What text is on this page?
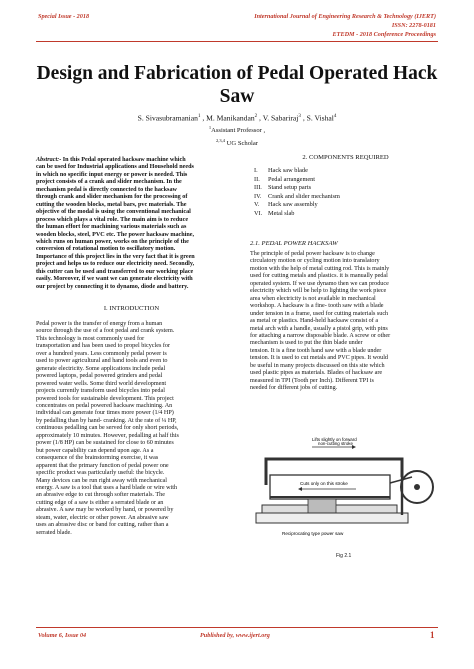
Special Issue - 2018	International Journal of Engineering Research & Technology (IJERT)
ISSN: 2278-0181
ETEDM - 2018 Conference Proceedings
Design and Fabrication of Pedal Operated Hack
Saw
S. Sivasubramanian$^1$ , M. Manikandan$^2$ , V. Sabariraj$^3$ , S. Vishal$^4$
$^1$Assistant Professor ,
$^{2,3,4}$ UG Scholar
Abstract:- In this Pedal operated hacksaw machine which
can be used for Industrial applications and Household needs
in which no specific input energy or power is needed. This
project consists of a crank and slider mechanism. In the
mechanism pedal is directly connected to the hacksaw
through crank and slider mechanism for the processing of
cutting the wooden blocks, metal bars, pvc materials. The
objective of the modal is using the conventional mechanical
process which plays a vital role. The main aim is to reduce
the human effort for machining various materials such as
wooden blocks, steel, PVC etc. The power hacksaw machine,
which runs on human power, works on the principle of the
conversion of rotational motion to oscillatory motion.
Importance of this project lies in the very fact that it is green
project and helps us to reduce our electricity need. Secondly,
this cutter can be used and transferred to our working place
easily. Moreover, if we want we can generate electricity with
our project by connecting it to dynamo, diode and battery.
I. INTRODUCTION
Pedal power is the transfer of energy from a human
source through the use of a foot pedal and crank system.
This technology is most commonly used for
transportation and has been used to propel bicycles for
over a hundred years. Less commonly pedal power is
used to power agricultural and hand tools and even to
generate electricity. Some applications include pedal
powered laptops, pedal powered grinders and pedal
powered water wells. Some third world development
projects currently transform used bicycles into pedal
powered tools for sustainable development. This project
concentrates on pedal powered hacksaw machining. An
individual can generate four times more power (1/4 HP)
by pedalling than by hand- cranking. At the rate of ¼ HP,
continuous pedalling can be served for only short periods,
approximately 10 minutes. However, pedalling at half this
power (1/8 HP) can be sustained for close to 60 minutes
but power capability can depend upon age. As a
consequence of the brainstorming exercise, it was
apparent that the primary function of pedal power one
specific product was particularly useful: the bicycle.
Many devices can be run right away with mechanical
energy. A saw is a tool that uses a hard blade or wire with
an abrasive edge to cut through softer materials. The
cutting edge of a saw is either a serrated blade or an
abrasive. A saw may be worked by hand, or powered by
steam, water, electric or other power. An abrasive saw
uses an abrasive disc or band for cutting, rather than a
serrated blade.
2. COMPONENTS REQUIRED
I. Hack saw blade
II. Pedal arrangement
III. Stand setup parts
IV. Crank and slider mechanism
V. Hack saw assembly
VI. Metal slab
2.1. PEDAL POWER HACKSAW
The principle of pedal power hacksaw is to change
circulatory motion or cycling motion into translatory
motion with the help of metal cutting rod. This is mainly
used for cutting metals and plastics. it is manually pedal
operated system. If we use dynamo then we can produce
electricity which will be help to lighting the work piece
area when electricity is not available in mechanical
workshop. A hacksaw is a fine- tooth saw with a blade
under tension in a frame, used for cutting materials such
as metal or plastics. Hand-held hacksaw consist of a
metal arch with a handle, usually a pistol grip, with pins
for attaching a narrow disposable blade. A screw or other
mechanism is used to put the thin blade under
tension. It is a fine tooth hand saw with a blade under
tension. It is used to cut metals and PVC pipes. It would
be useful in many projects discussed on this site which
used plastic pipes as materials. Blades of hacksaw are
measured in TPI (Tooth per Inch). Different TPI is
needed for different jobs of cutting.
Lifts slightly on forward
non-cutting stroke
Cuts only on this stroke
Reciprocating type power saw
Fig 2.1
Volume 6, Issue 04	Published by, www.ijert.org	1
